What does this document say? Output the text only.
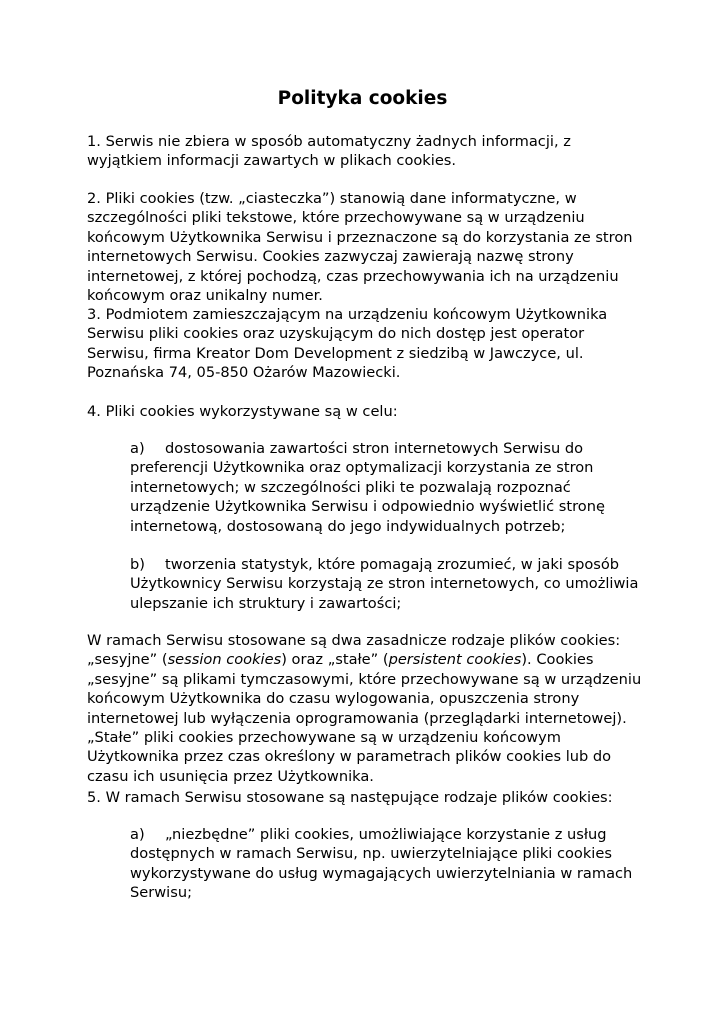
Polityka cookies

1. Serwis nie zbiera w sposób automatyczny żadnych informacji, z wyjątkiem informacji zawartych w plikach cookies.

2. Pliki cookies (tzw. „ciasteczka”) stanowią dane informatyczne, w szczególności pliki tekstowe, które przechowywane są w urządzeniu końcowym Użytkownika Serwisu i przeznaczone są do korzystania ze stron internetowych Serwisu. Cookies zazwyczaj zawierają nazwę strony internetowej, z której pochodzą, czas przechowywania ich na urządzeniu końcowym oraz unikalny numer.

3. Podmiotem zamieszczającym na urządzeniu końcowym Użytkownika Serwisu pliki cookies oraz uzyskującym do nich dostęp jest operator Serwisu, firma Kreator Dom Development z siedzibą w Jawczyce, ul. Poznańska 74, 05-850 Ożarów Mazowiecki.

4. Pliki cookies wykorzystywane są w celu:

a) dostosowania zawartości stron internetowych Serwisu do preferencji Użytkownika oraz optymalizacji korzystania ze stron internetowych; w szczególności pliki te pozwalają rozpoznać urządzenie Użytkownika Serwisu i odpowiednio wyświetlić stronę internetową, dostosowaną do jego indywidualnych potrzeb;

b) tworzenia statystyk, które pomagają zrozumieć, w jaki sposób Użytkownicy Serwisu korzystają ze stron internetowych, co umożliwia ulepszanie ich struktury i zawartości;

W ramach Serwisu stosowane są dwa zasadnicze rodzaje plików cookies: „sesyjne” (session cookies) oraz „stałe” (persistent cookies). Cookies „sesyjne” są plikami tymczasowymi, które przechowywane są w urządzeniu końcowym Użytkownika do czasu wylogowania, opuszczenia strony internetowej lub wyłączenia oprogramowania (przeglądarki internetowej). „Stałe” pliki cookies przechowywane są w urządzeniu końcowym Użytkownika przez czas określony w parametrach plików cookies lub do czasu ich usunięcia przez Użytkownika.

5. W ramach Serwisu stosowane są następujące rodzaje plików cookies:

a) „niezbędne” pliki cookies, umożliwiające korzystanie z usług dostępnych w ramach Serwisu, np. uwierzytelniające pliki cookies wykorzystywane do usług wymagających uwierzytelniania w ramach Serwisu;
